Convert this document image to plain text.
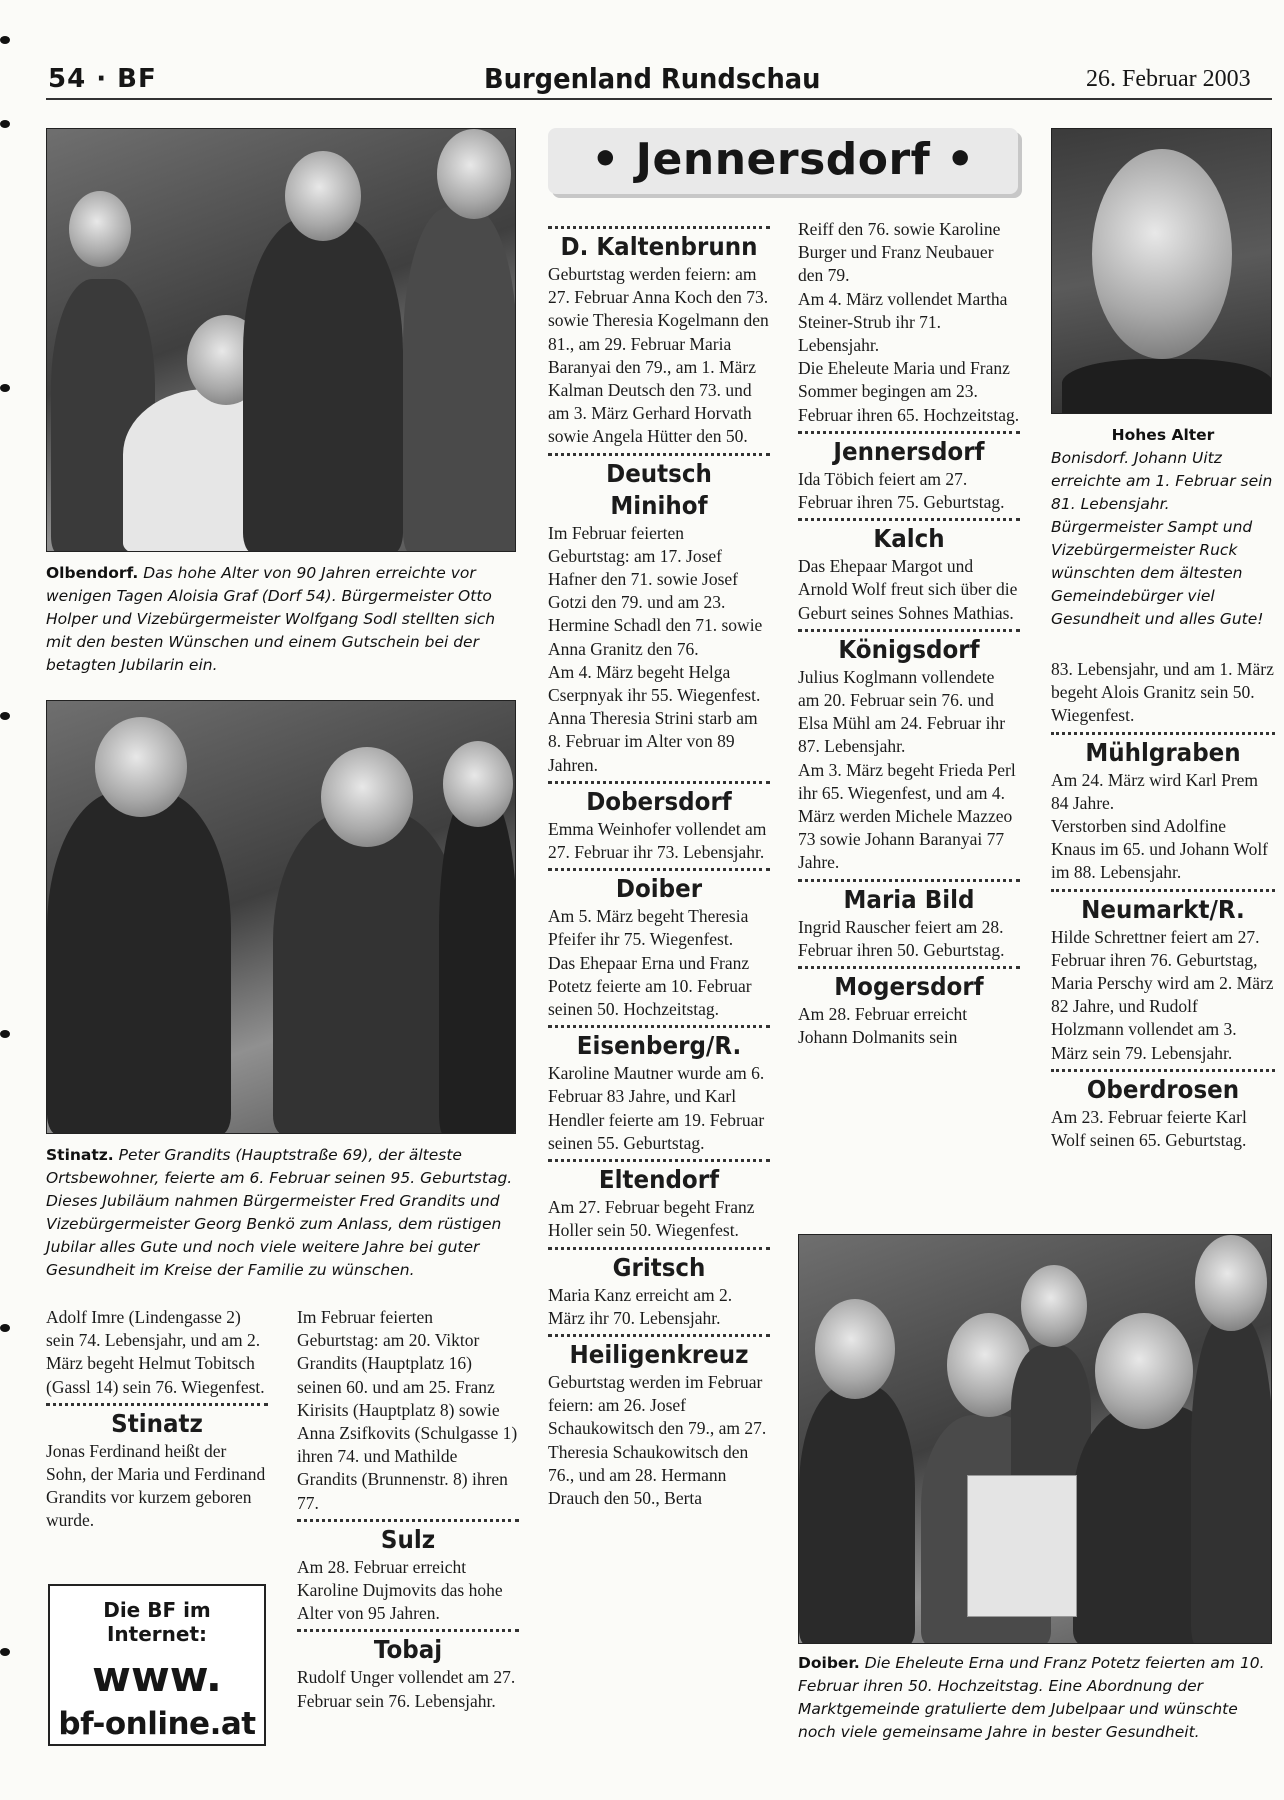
54 · BF	Burgenland Rundschau	26. Februar 2003
Olbendorf. Das hohe Alter von 90 Jahren erreichte vor wenigen Tagen Aloisia Graf (Dorf 54). Bürgermeister Otto Holper und Vizebürgermeister Wolfgang Sodl stellten sich mit den besten Wünschen und einem Gutschein bei der betagten Jubilarin ein.
Stinatz. Peter Grandits (Hauptstraße 69), der älteste Ortsbewohner, feierte am 6. Februar seinen 95. Geburtstag. Dieses Jubiläum nahmen Bürgermeister Fred Grandits und Vizebürgermeister Georg Benkö zum Anlass, dem rüstigen Jubilar alles Gute und noch viele weitere Jahre bei guter Gesundheit im Kreise der Familie zu wünschen.

Adolf Imre (Lindengasse 2) sein 74. Lebensjahr, und am 2. März begeht Helmut Tobitsch (Gassl 14) sein 76. Wiegenfest.

Stinatz

Jonas Ferdinand heißt der Sohn, der Maria und Ferdinand Grandits vor kurzem geboren wurde.

Die BF im Internet:
www.
bf-online.at

Im Februar feierten Geburtstag: am 20. Viktor Grandits (Hauptplatz 16) seinen 60. und am 25. Franz Kirisits (Hauptplatz 8) sowie Anna Zsifkovits (Schulgasse 1) ihren 74. und Mathilde Grandits (Brunnenstr. 8) ihren 77.

Sulz

Am 28. Februar erreicht Karoline Dujmovits das hohe Alter von 95 Jahren.

Tobaj

Rudolf Unger vollendet am 27. Februar sein 76. Lebensjahr.

• Jennersdorf •
D. Kaltenbrunn

Geburtstag werden feiern: am 27. Februar Anna Koch den 73. sowie Theresia Kogelmann den 81., am 29. Februar Maria Baranyai den 79., am 1. März Kalman Deutsch den 73. und am 3. März Gerhard Horvath sowie Angela Hütter den 50.

Deutsch Minihof

Im Februar feierten Geburtstag: am 17. Josef Hafner den 71. sowie Josef Gotzi den 79. und am 23. Hermine Schadl den 71. sowie Anna Granitz den 76.

Am 4. März begeht Helga Cserpnyak ihr 55. Wiegenfest.

Anna Theresia Strini starb am 8. Februar im Alter von 89 Jahren.

Dobersdorf

Emma Weinhofer vollendet am 27. Februar ihr 73. Lebensjahr.

Doiber

Am 5. März begeht Theresia Pfeifer ihr 75. Wiegenfest.

Das Ehepaar Erna und Franz Potetz feierte am 10. Februar seinen 50. Hochzeitstag.

Eisenberg/R.

Karoline Mautner wurde am 6. Februar 83 Jahre, und Karl Hendler feierte am 19. Februar seinen 55. Geburtstag.

Eltendorf

Am 27. Februar begeht Franz Holler sein 50. Wiegenfest.

Gritsch

Maria Kanz erreicht am 2. März ihr 70. Lebensjahr.

Heiligenkreuz

Geburtstag werden im Februar feiern: am 26. Josef Schaukowitsch den 79., am 27. Theresia Schaukowitsch den 76., und am 28. Hermann Drauch den 50., Berta

Reiff den 76. sowie Karoline Burger und Franz Neubauer den 79.

Am 4. März vollendet Martha Steiner-Strub ihr 71. Lebensjahr.

Die Eheleute Maria und Franz Sommer begingen am 23. Februar ihren 65. Hochzeitstag.

Jennersdorf

Ida Töbich feiert am 27. Februar ihren 75. Geburtstag.

Kalch

Das Ehepaar Margot und Arnold Wolf freut sich über die Geburt seines Sohnes Mathias.

Königsdorf

Julius Koglmann vollendete am 20. Februar sein 76. und Elsa Mühl am 24. Februar ihr 87. Lebensjahr.

Am 3. März begeht Frieda Perl ihr 65. Wiegenfest, und am 4. März werden Michele Mazzeo 73 sowie Johann Baranyai 77 Jahre.

Maria Bild

Ingrid Rauscher feiert am 28. Februar ihren 50. Geburtstag.

Mogersdorf

Am 28. Februar erreicht Johann Dolmanits sein

Hohes Alter
Bonisdorf. Johann Uitz erreichte am 1. Februar sein 81. Lebensjahr. Bürgermeister Sampt und Vizebürgermeister Ruck wünschten dem ältesten Gemeindebürger viel Gesundheit und alles Gute!

83. Lebensjahr, und am 1. März begeht Alois Granitz sein 50. Wiegenfest.

Mühlgraben

Am 24. März wird Karl Prem 84 Jahre.

Verstorben sind Adolfine Knaus im 65. und Johann Wolf im 88. Lebensjahr.

Neumarkt/R.

Hilde Schrettner feiert am 27. Februar ihren 76. Geburtstag, Maria Perschy wird am 2. März 82 Jahre, und Rudolf Holzmann vollendet am 3. März sein 79. Lebensjahr.

Oberdrosen

Am 23. Februar feierte Karl Wolf seinen 65. Geburtstag.

Doiber. Die Eheleute Erna und Franz Potetz feierten am 10. Februar ihren 50. Hochzeitstag. Eine Abordnung der Marktgemeinde gratulierte dem Jubelpaar und wünschte noch viele gemeinsame Jahre in bester Gesundheit.
